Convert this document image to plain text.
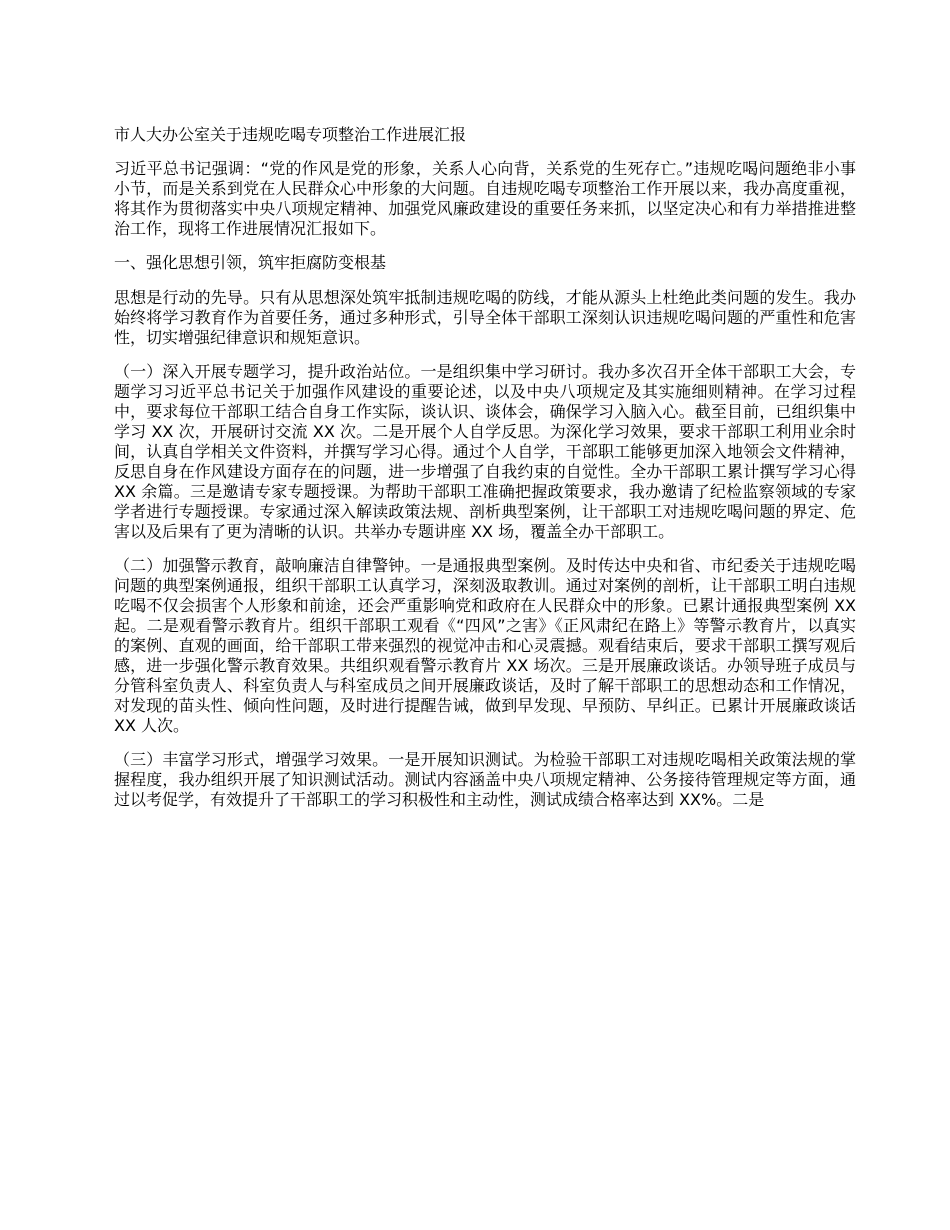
市人大办公室关于违规吃喝专项整治工作进展汇报

习近平总书记强调：“党的作风是党的形象，关系人心向背，关系党的生死存亡。”违规吃喝问题绝非小事小节，而是关系到党在人民群众心中形象的大问题。自违规吃喝专项整治工作开展以来，我办高度重视，将其作为贯彻落实中央八项规定精神、加强党风廉政建设的重要任务来抓，以坚定决心和有力举措推进整治工作，现将工作进展情况汇报如下。

一、强化思想引领，筑牢拒腐防变根基

思想是行动的先导。只有从思想深处筑牢抵制违规吃喝的防线，才能从源头上杜绝此类问题的发生。我办始终将学习教育作为首要任务，通过多种形式，引导全体干部职工深刻认识违规吃喝问题的严重性和危害性，切实增强纪律意识和规矩意识。

（一）深入开展专题学习，提升政治站位。一是组织集中学习研讨。我办多次召开全体干部职工大会，专题学习习近平总书记关于加强作风建设的重要论述，以及中央八项规定及其实施细则精神。在学习过程中，要求每位干部职工结合自身工作实际，谈认识、谈体会，确保学习入脑入心。截至目前，已组织集中学习 XX 次，开展研讨交流 XX 次。二是开展个人自学反思。为深化学习效果，要求干部职工利用业余时间，认真自学相关文件资料，并撰写学习心得。通过个人自学，干部职工能够更加深入地领会文件精神，反思自身在作风建设方面存在的问题，进一步增强了自我约束的自觉性。全办干部职工累计撰写学习心得 XX 余篇。三是邀请专家专题授课。为帮助干部职工准确把握政策要求，我办邀请了纪检监察领域的专家学者进行专题授课。专家通过深入解读政策法规、剖析典型案例，让干部职工对违规吃喝问题的界定、危害以及后果有了更为清晰的认识。共举办专题讲座 XX 场，覆盖全办干部职工。

（二）加强警示教育，敲响廉洁自律警钟。一是通报典型案例。及时传达中央和省、市纪委关于违规吃喝问题的典型案例通报，组织干部职工认真学习，深刻汲取教训。通过对案例的剖析，让干部职工明白违规吃喝不仅会损害个人形象和前途，还会严重影响党和政府在人民群众中的形象。已累计通报典型案例 XX 起。二是观看警示教育片。组织干部职工观看《“四风”之害》《正风肃纪在路上》等警示教育片，以真实的案例、直观的画面，给干部职工带来强烈的视觉冲击和心灵震撼。观看结束后，要求干部职工撰写观后感，进一步强化警示教育效果。共组织观看警示教育片 XX 场次。三是开展廉政谈话。办领导班子成员与分管科室负责人、科室负责人与科室成员之间开展廉政谈话，及时了解干部职工的思想动态和工作情况，对发现的苗头性、倾向性问题，及时进行提醒告诫，做到早发现、早预防、早纠正。已累计开展廉政谈话 XX 人次。

（三）丰富学习形式，增强学习效果。一是开展知识测试。为检验干部职工对违规吃喝相关政策法规的掌握程度，我办组织开展了知识测试活动。测试内容涵盖中央八项规定精神、公务接待管理规定等方面，通过以考促学，有效提升了干部职工的学习积极性和主动性，测试成绩合格率达到 XX%。二是
